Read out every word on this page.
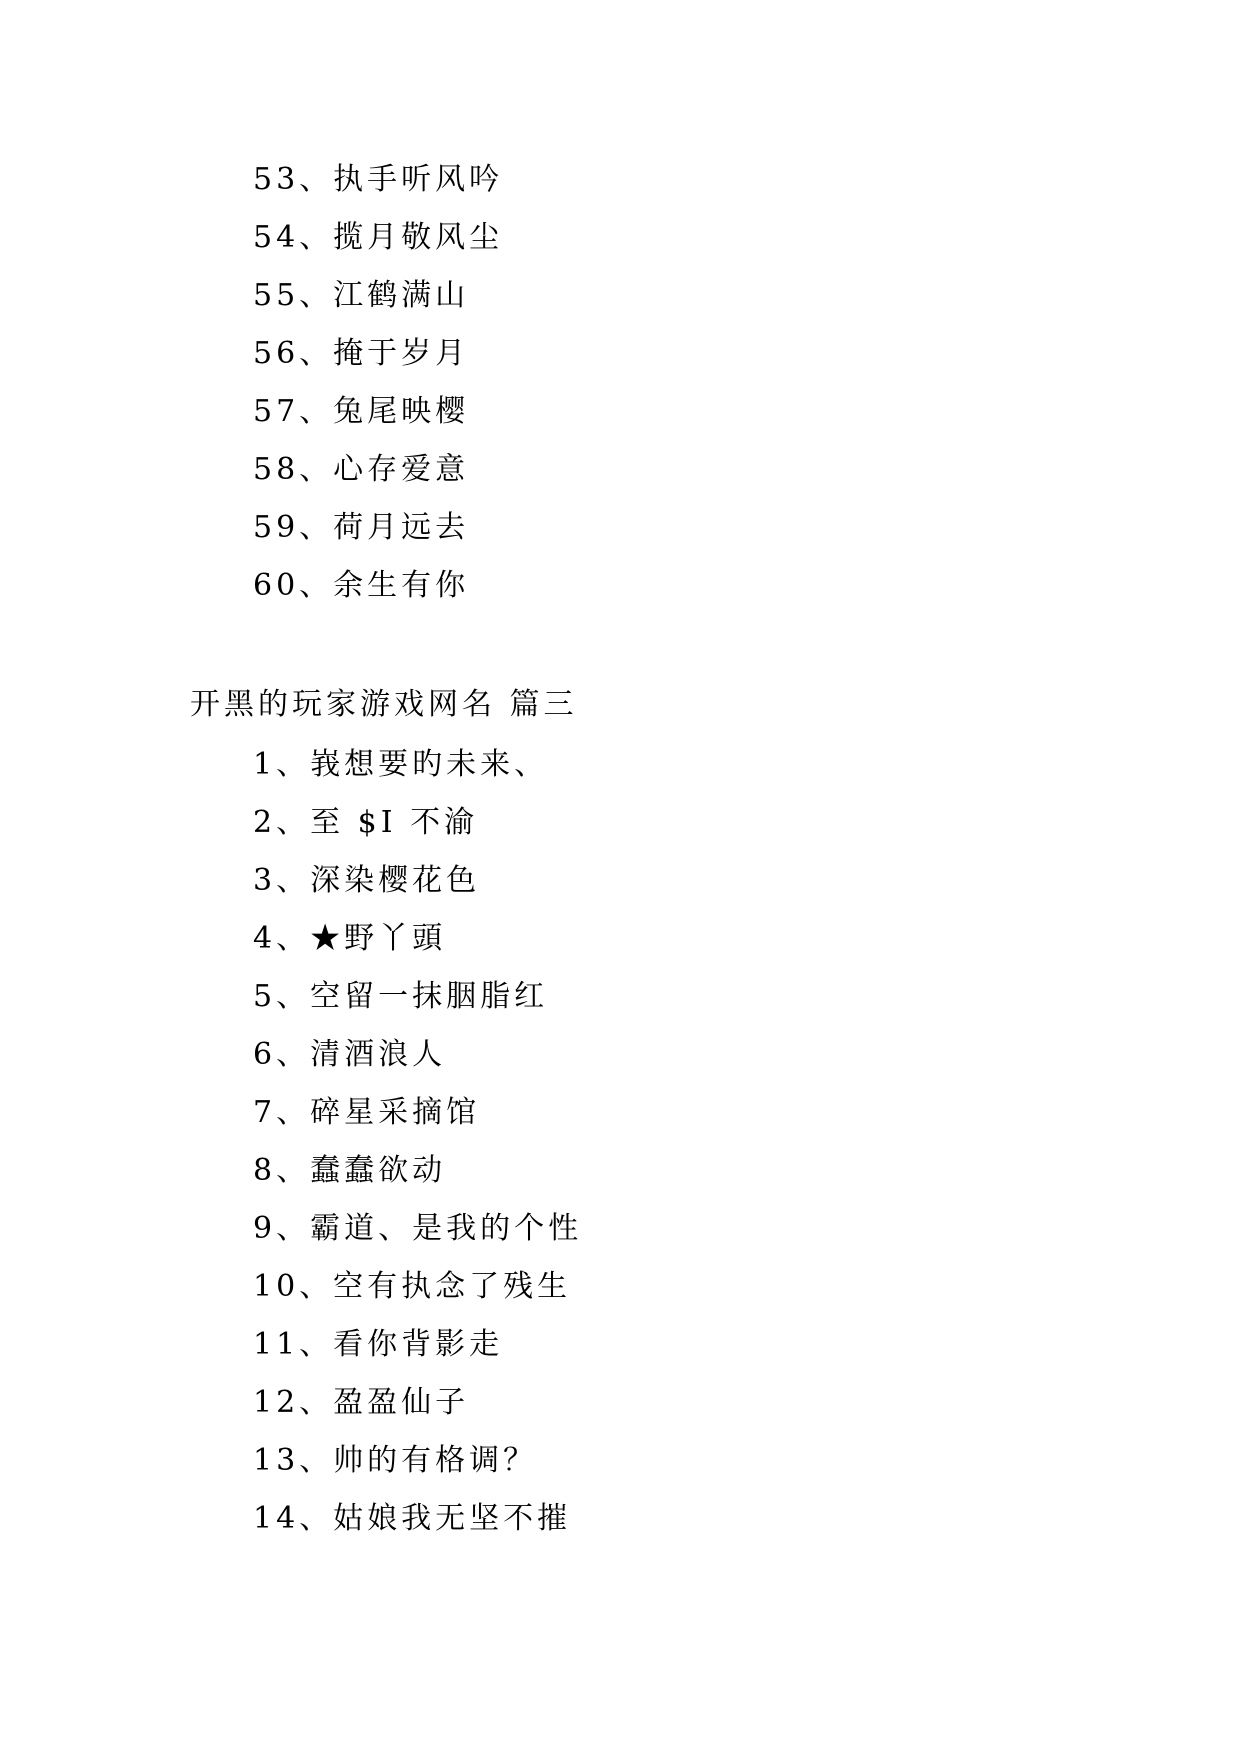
53、执手听风吟
54、揽月敬风尘
55、江鹤满山
56、掩于岁月
57、兔尾映樱
58、心存爱意
59、荷月远去
60、余生有你
开黑的玩家游戏网名 篇三
1、峩想要旳未来、
2、至 $I 不渝
3、深染樱花色
4、★野丫頭
5、空留一抹胭脂红
6、清酒浪人
7、碎星采摘馆
8、蠢蠢欲动
9、霸道、是我的个性
10、空有执念了残生
11、看你背影走
12、盈盈仙子
13、帅的有格调？
14、姑娘我无坚不摧
